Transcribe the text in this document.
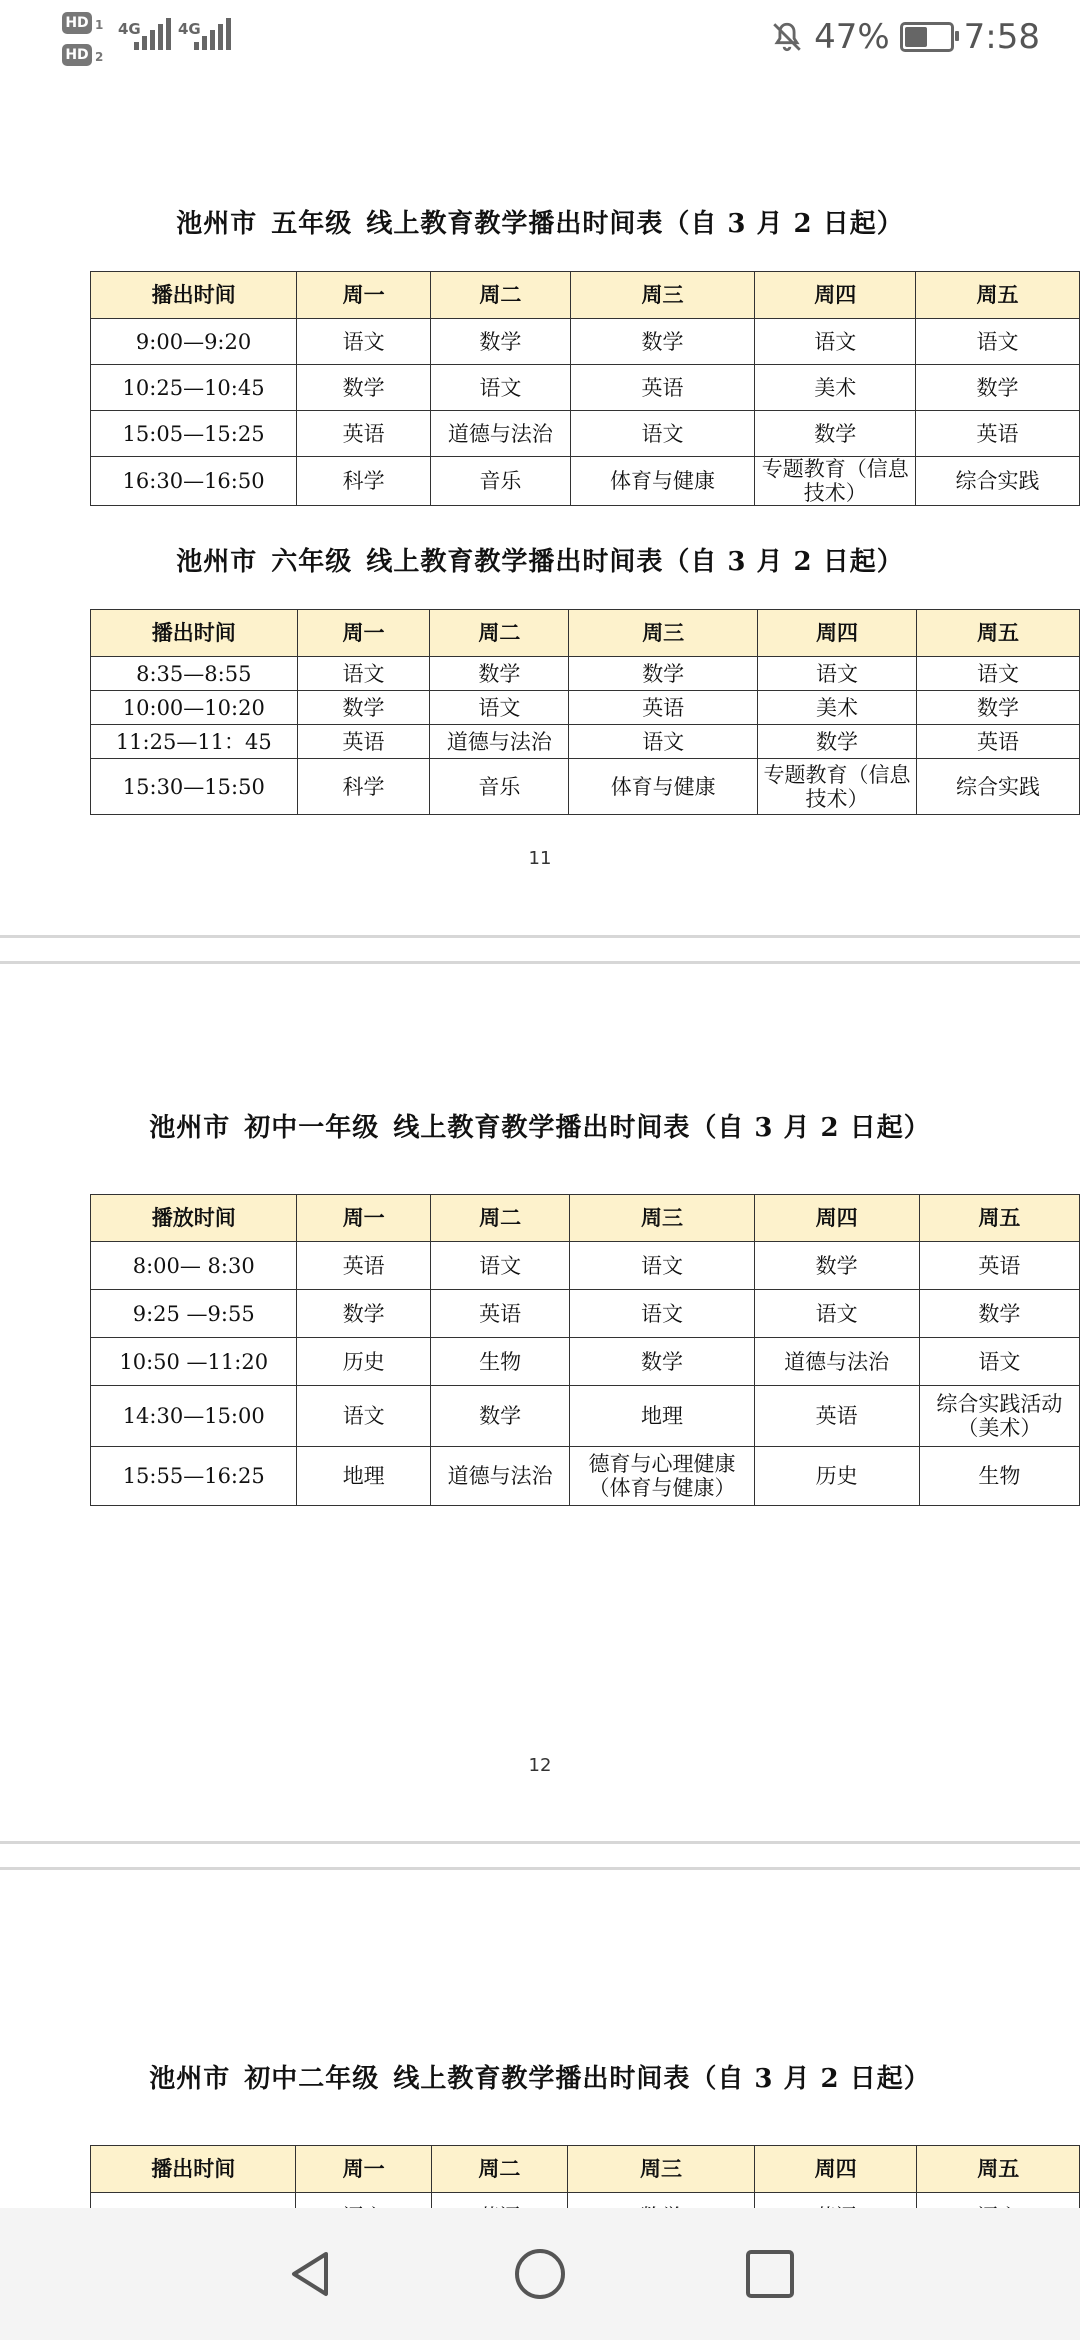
HD 1
HD 2
4G 4G	47% 7:58
池州市 五年级 线上教育教学播出时间表（自 3 月 2 日起）
播出时间	周一	周二	周三	周四	周五
9:00—9:20	语文	数学	数学	语文	语文
10:25—10:45	数学	语文	英语	美术	数学
15:05—15:25	英语	道德与法治	语文	数学	英语
16:30—16:50	科学	音乐	体育与健康	专题教育（信息技术）	综合实践
池州市 六年级 线上教育教学播出时间表（自 3 月 2 日起）
播出时间	周一	周二	周三	周四	周五
8:35—8:55	语文	数学	数学	语文	语文
10:00—10:20	数学	语文	英语	美术	数学
11:25—11：45	英语	道德与法治	语文	数学	英语
15:30—15:50	科学	音乐	体育与健康	专题教育（信息技术）	综合实践
11
池州市 初中一年级 线上教育教学播出时间表（自 3 月 2 日起）
播放时间	周一	周二	周三	周四	周五
8:00— 8:30	英语	语文	语文	数学	英语
9:25 —9:55	数学	英语	语文	语文	数学
10:50 —11:20	历史	生物	数学	道德与法治	语文
14:30—15:00	语文	数学	地理	英语	综合实践活动（美术）
15:55—16:25	地理	道德与法治	德育与心理健康（体育与健康）	历史	生物
12
池州市 初中二年级 线上教育教学播出时间表（自 3 月 2 日起）
播出时间	周一	周二	周三	周四	周五
